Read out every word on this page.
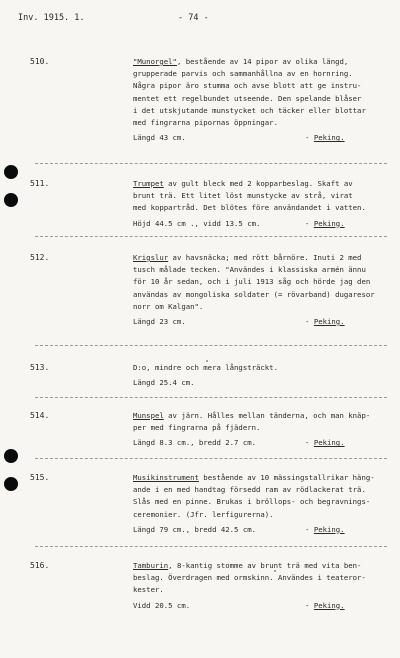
Inv. 1915. 1.	- 74 -
510.	"Munorgel", bestående av 14 pipor av olika längd,
grupperade parvis och sammanhållna av en hornring.
Några pipor äro stumma och avse blott att ge instru-
mentet ett regelbundet utseende. Den spelande blåser
i det utskjutande munstycket och täcker eller blottar
med fingrarna pipornas öppningar.
Längd 43 cm.	- Peking.
511.	Trumpet av gult bleck med 2 kopparbeslag. Skaft av
brunt trä. Ett litet löst munstycke av strå, virat
med koppartråd. Det blötes före användandet i vatten.
Höjd 44.5 cm ., vidd 13.5 cm.	- Peking.
512.	Krigslur av havsnäcka; med rött bårnöre. Inuti 2 med
tusch målade tecken. "Användes i klassiska armén ännu
för 10 år sedan, och i juli 1913 såg och hörde jag den
användas av mongoliska soldater (= rövarband) dugaresor
norr om Kalgan".
Längd 23 cm.	- Peking.
513.	D:o, mindre och mera långsträckt.
Längd 25.4 cm.
514.	Munspel av järn. Hålles mellan tänderna, och man knäp-
per med fingrarna på fjädern.
Längd 8.3 cm., bredd 2.7 cm.	- Peking.
515.	Musikinstrument bestående av 10 mässingstallrikar häng-
ande i en med handtag försedd ram av rödlackerat trä.
Slås med en pinne. Brukas i bröllops- och begravnings-
ceremonier. (Jfr. lerfigurerna).
Längd 79 cm., bredd 42.5 cm.	- Peking.
516.	Tamburin, 8-kantig stomme av brunt trä med vita ben-
beslag. Överdragen med ormskinn. Användes i teateror-
kester.
Vidd 20.5 cm.	- Peking.
